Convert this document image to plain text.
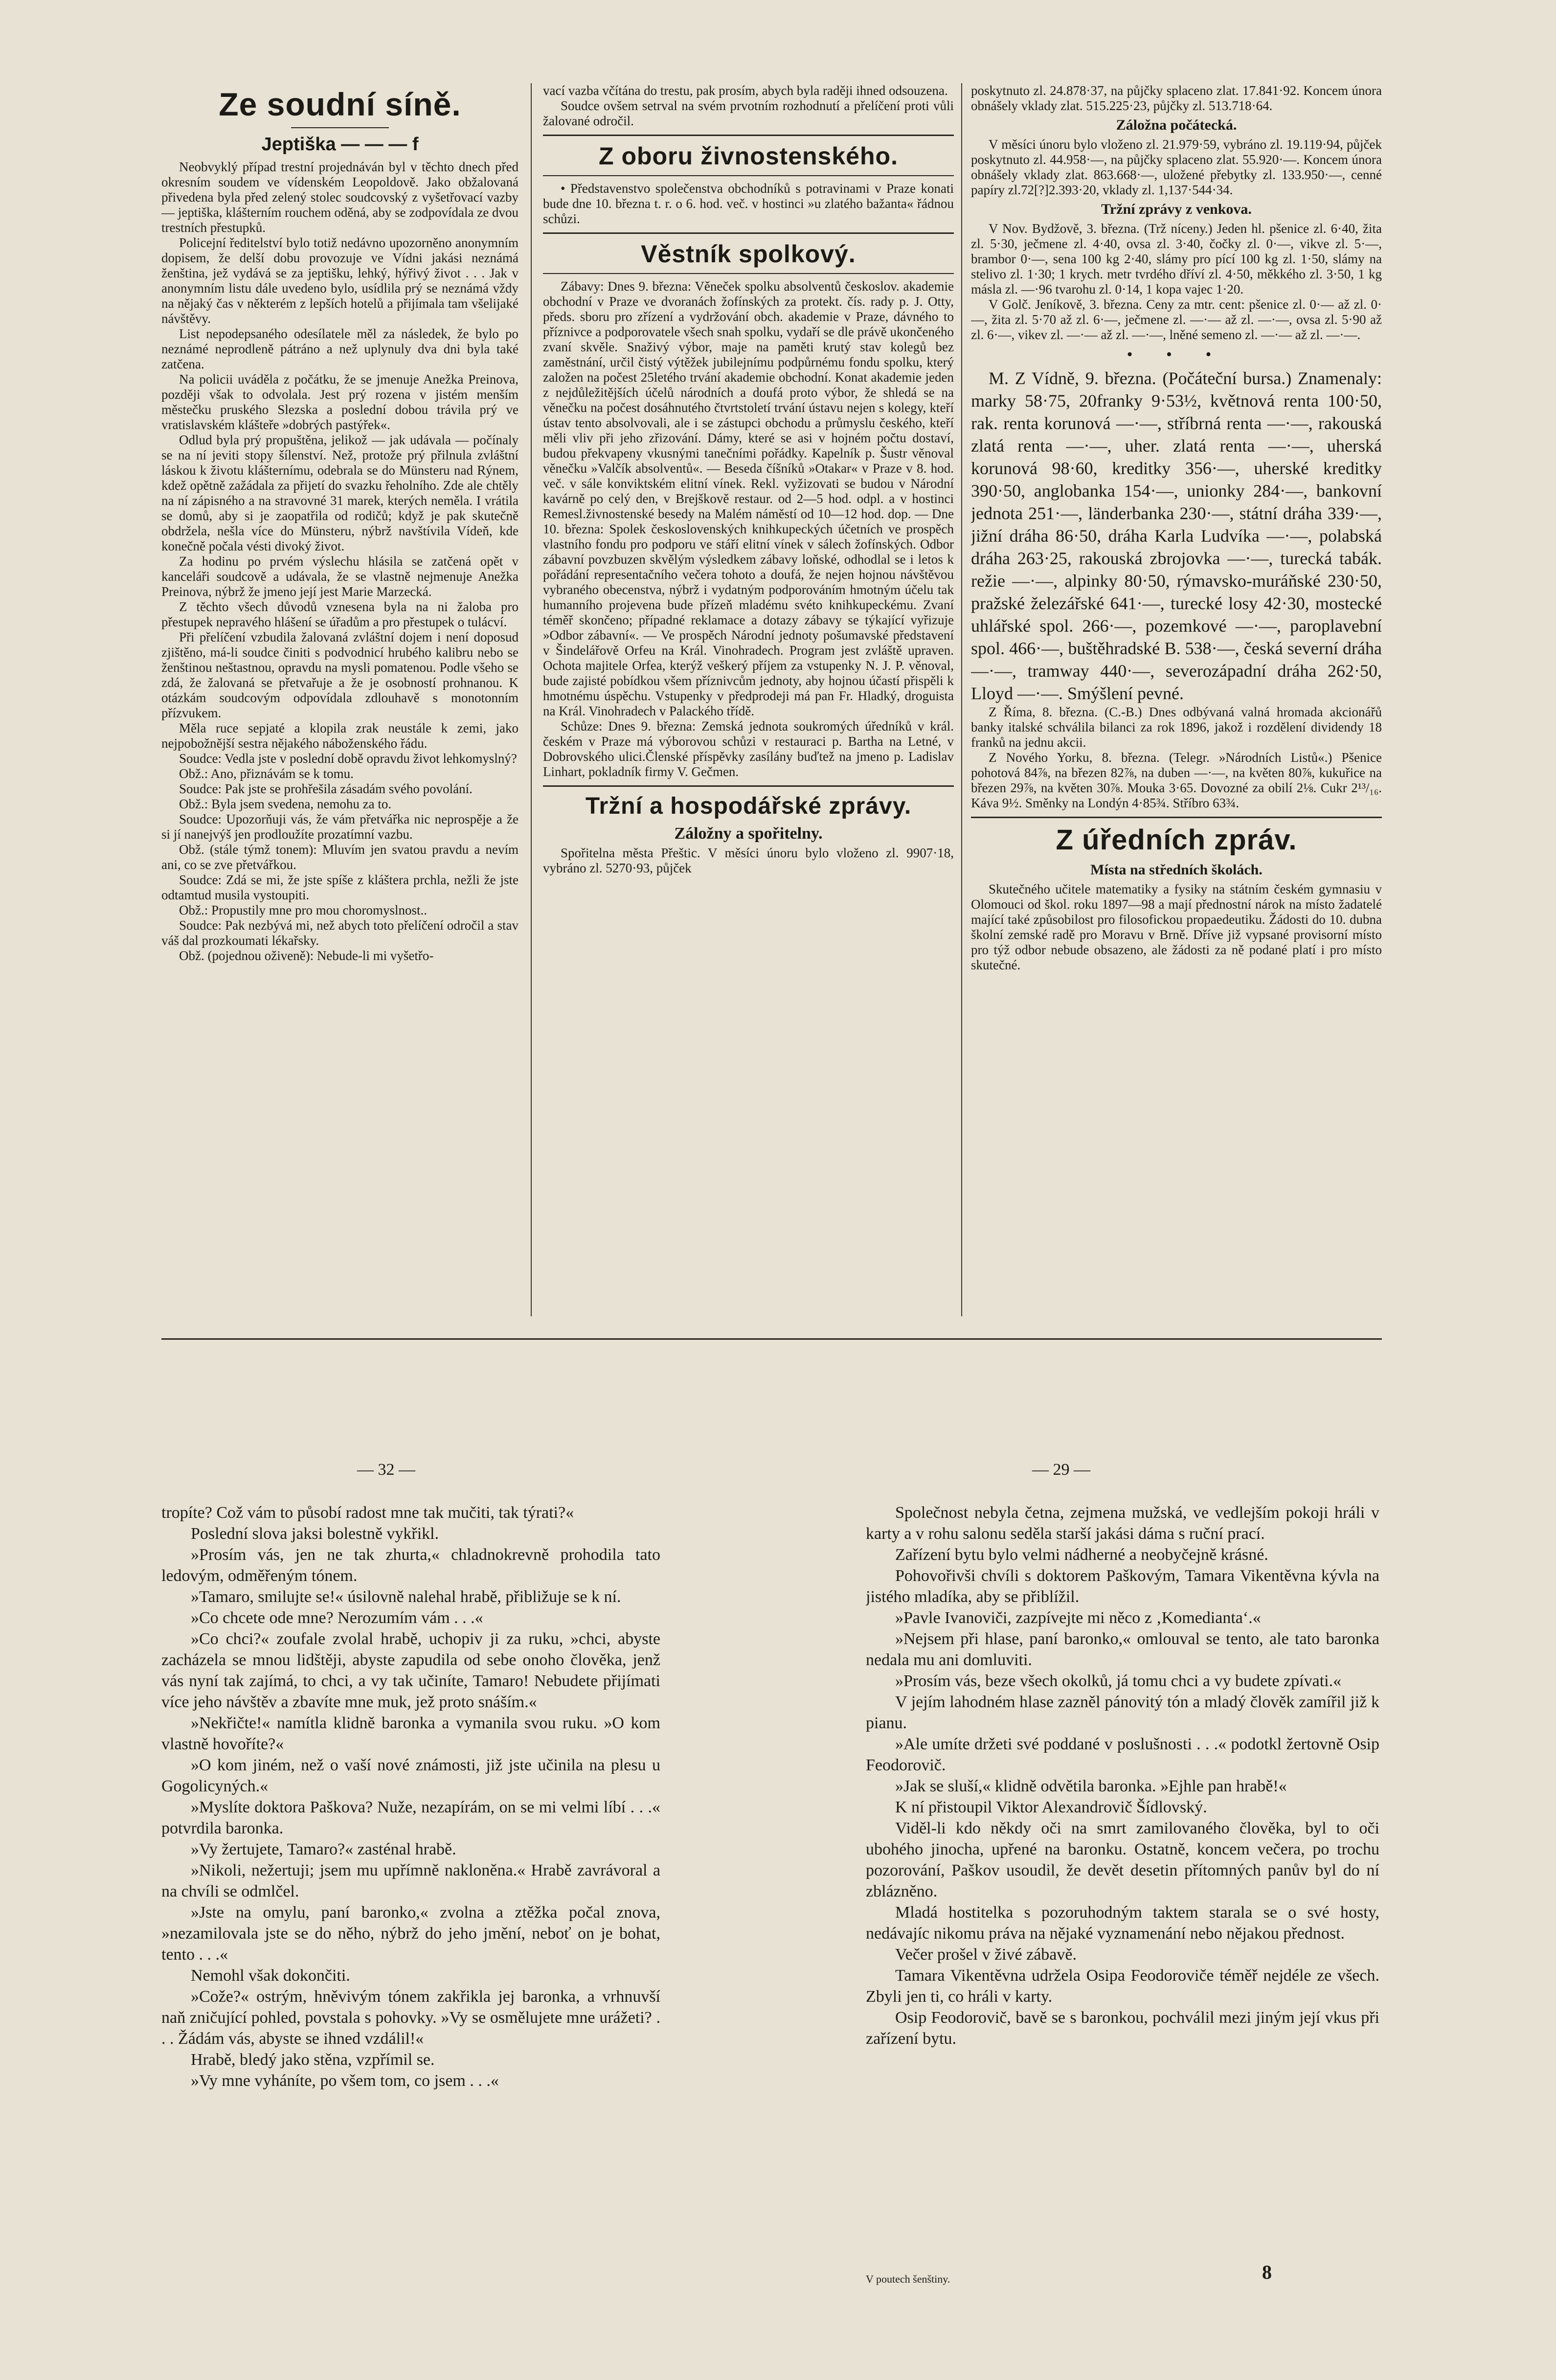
Ze soudní síně.
Jeptiška — — — f

Neobvyklý případ trestní projednáván byl v těchto dnech před okresním soudem ve vídenském Leopoldově. Jako obžalovaná přivedena byla před zelený stolec soudcovský z vyšetřovací vazby — jeptiška, klášterním rouchem oděná, aby se zodpovídala ze dvou trestních přestupků.

Policejní ředitelství bylo totiž nedávno upozorněno anonymním dopisem, že delší dobu provozuje ve Vídni jakási neznámá ženština, jež vydává se za jeptišku, lehký, hýřivý život . . . Jak v anonymním listu dále uvedeno bylo, usídlila prý se neznámá vždy na nějaký čas v některém z lepších hotelů a přijímala tam všelijaké návštěvy.

List nepodepsaného odesílatele měl za následek, že bylo po neznámé neprodleně pátráno a než uplynuly dva dni byla také zatčena.

Na policii uváděla z počátku, že se jmenuje Anežka Preinova, později však to odvolala. Jest prý rozena v jistém menším městečku pruského Slezska a poslední dobou trávila prý ve vratislavském klášteře »dobrých pastýřek«.

Odlud byla prý propuštěna, jelikož — jak udávala — počínaly se na ní jeviti stopy šílenství. Než, protože prý přilnula zvláštní láskou k životu klášternímu, odebrala se do Münsteru nad Rýnem, kdež opětně zažádala za přijetí do svazku řeholního. Zde ale chtěly na ní zápisného a na stravovné 31 marek, kterých neměla. I vrátila se domů, aby si je zaopatřila od rodičů; když je pak skutečně obdržela, nešla více do Münsteru, nýbrž navštívila Vídeň, kde konečně počala vésti divoký život.

Za hodinu po prvém výslechu hlásila se zatčená opět v kanceláři soudcově a udávala, že se vlastně nejmenuje Anežka Preinova, nýbrž že jmeno její jest Marie Marzecká.

Z těchto všech důvodů vznesena byla na ni žaloba pro přestupek nepravého hlášení se úřadům a pro přestupek o tulácví.

Při přelíčení vzbudila žalovaná zvláštní dojem i není doposud zjištěno, má-li soudce činiti s podvodnicí hrubého kalibru nebo se ženštinou neštastnou, opravdu na mysli pomatenou. Podle všeho se zdá, že žalovaná se přetvařuje a že je osobností prohnanou. K otázkám soudcovým odpovídala zdlouhavě s monotonním přízvukem.

Měla ruce sepjaté a klopila zrak neustále k zemi, jako nejpobožnější sestra nějakého náboženského řádu.

Soudce: Vedla jste v poslední době opravdu život lehkomyslný?

Obž.: Ano, přiznávám se k tomu.

Soudce: Pak jste se prohřešila zásadám svého povolání.

Obž.: Byla jsem svedena, nemohu za to.

Soudce: Upozorňuji vás, že vám přetvářka nic neprospěje a že si jí nanejvýš jen prodloužíte prozatímní vazbu.

Obž. (stále týmž tonem): Mluvím jen svatou pravdu a nevím ani, co se zve přetvářkou.

Soudce: Zdá se mi, že jste spíše z kláštera prchla, nežli že jste odtamtud musila vystoupiti.

Obž.: Propustily mne pro mou choromyslnost..

Soudce: Pak nezbývá mi, než abych toto přelíčení odročil a stav váš dal prozkoumati lékařsky.

Obž. (pojednou oživeně): Nebude-li mi vyšetřo-

vací vazba včítána do trestu, pak prosím, abych byla raději ihned odsouzena.

Soudce ovšem setrval na svém prvotním rozhodnutí a přelíčení proti vůli žalované odročil.

Z oboru živnostenského.

• Představenstvo společenstva obchodníků s potravinami v Praze konati bude dne 10. března t. r. o 6. hod. več. v hostinci »u zlatého bažanta« řádnou schůzi.

Věstník spolkový.

Zábavy: Dnes 9. března: Věneček spolku absolventů českoslov. akademie obchodní v Praze ve dvoranách žofínských za protekt. čís. rady p. J. Otty, předs. sboru pro zřízení a vydržování obch. akademie v Praze, dávného to příznivce a podporovatele všech snah spolku, vydaří se dle právě ukončeného zvaní skvěle. Snaživý výbor, maje na paměti krutý stav kolegů bez zaměstnání, určil čistý výtěžek jubilejnímu podpůrnému fondu spolku, který založen na počest 25letého trvání akademie obchodní. Konat akademie jeden z nejdůležitějších účelů národních a doufá proto výbor, že shledá se na věnečku na počest dosáhnutého čtvrtstoletí trvání ústavu nejen s kolegy, kteří ústav tento absolvovali, ale i se zástupci obchodu a průmyslu českého, kteří měli vliv při jeho zřizování. Dámy, které se asi v hojném počtu dostaví, budou překvapeny vkusnými tanečními pořádky. Kapelník p. Šustr věnoval věnečku »Valčík absolventů«. — Beseda číšníků »Otakar« v Praze v 8. hod. več. v sále konviktském elitní vínek. Rekl. vyžizovati se budou v Národní kavárně po celý den, v Brejškově restaur. od 2—5 hod. odpl. a v hostinci Remesl.živnostenské besedy na Malém náměstí od 10—12 hod. dop. — Dne 10. března: Spolek československých knihkupeckých účetních ve prospěch vlastního fondu pro podporu ve stáří elitní vínek v sálech žofínských. Odbor zábavní povzbuzen skvělým výsledkem zábavy loňské, odhodlal se i letos k pořádání representačního večera tohoto a doufá, že nejen hojnou návštěvou vybraného obecenstva, nýbrž i vydatným podporováním hmotným účelu tak humanního projevena bude přízeň mladému svéto knihkupeckému. Zvaní téměř skončeno; případné reklamace a dotazy zábavy se týkající vyřizuje »Odbor zábavní«. — Ve prospěch Národní jednoty pošumavské představení v Šindelářově Orfeu na Král. Vinohradech. Program jest zvláště upraven. Ochota majitele Orfea, kterýž veškerý příjem za vstupenky N. J. P. věnoval, bude zajisté pobídkou všem příznivcům jednoty, aby hojnou účastí přispěli k hmotnému úspěchu. Vstupenky v předprodeji má pan Fr. Hladký, droguista na Král. Vinohradech v Palackého třídě.

Schůze: Dnes 9. března: Zemská jednota soukromých úředníků v král. českém v Praze má výborovou schůzi v restauraci p. Bartha na Letné, v Dobrovského ulici.Členské příspěvky zasílány buďtež na jmeno p. Ladislav Linhart, pokladník firmy V. Gečmen.

Tržní a hospodářské zprávy.
Záložny a spořitelny.

Spořitelna města Přeštic. V měsíci únoru bylo vloženo zl. 9907·18, vybráno zl. 5270·93, půjček

poskytnuto zl. 24.878·37, na půjčky splaceno zlat. 17.841·92. Koncem února obnášely vklady zlat. 515.225·23, půjčky zl. 513.718·64.

Záložna počátecká.

V měsíci únoru bylo vloženo zl. 21.979·59, vybráno zl. 19.119·94, půjček poskytnuto zl. 44.958·—, na půjčky splaceno zlat. 55.920·—. Koncem února obnášely vklady zlat. 863.668·—, uložené přebytky zl. 133.950·—, cenné papíry zl.72[?]2.393·20, vklady zl. 1,137·544·34.

Tržní zprávy z venkova.

V Nov. Bydžově, 3. března. (Trž nícenу.) Jeden hl. pšenice zl. 6·40, žita zl. 5·30, ječmene zl. 4·40, ovsa zl. 3·40, čočky zl. 0·—, vikve zl. 5·—, brambor 0·—, sena 100 kg 2·40, slámy pro pící 100 kg zl. 1·50, slámy na stelivo zl. 1·30; 1 krych. metr tvrdého dříví zl. 4·50, měkkého zl. 3·50, 1 kg másla zl. —·96 tvarohu zl. 0·14, 1 kopa vajec 1·20.

V Golč. Jeníkově, 3. března. Ceny za mtr. cent: pšenice zl. 0·— až zl. 0·—, žita zl. 5·70 až zl. 6·—, ječmene zl. —·— až zl. —·—, ovsa zl. 5·90 až zl. 6·—, vikev zl. —·— až zl. —·—, lněné semeno zl. —·— až zl. —·—.

• • •

M. Z Vídně, 9. března. (Počáteční bursa.) Znamenaly: marky 58·75, 20franky 9·53½, květnová renta 100·50, rak. renta korunová —·—, stříbrná renta —·—, rakouská zlatá renta —·—, uher. zlatá renta —·—, uherská korunová 98·60, kreditky 356·—, uherské kreditky 390·50, anglobanka 154·—, unionky 284·—, bankovní jednota 251·—, länderbanka 230·—, státní dráha 339·—, jižní dráha 86·50, dráha Karla Ludvíka —·—, polabská dráha 263·25, rakouská zbrojovka —·—, turecká tabák. režie —·—, alpinky 80·50, rýmavsko-muráňské 230·50, pražské železářské 641·—, turecké losy 42·30, mostecké uhlářské spol. 266·—, pozemkové —·—, paroplavební spol. 466·—, buštěhradské B. 538·—, česká severní dráha —·—, tramway 440·—, severozápadní dráha 262·50, Lloyd —·—. Smýšlení pevné.

Z Říma, 8. března. (C.-B.) Dnes odbývaná valná hromada akcionářů banky italské schválila bilanci za rok 1896, jakož i rozdělení dividendy 18 franků na jednu akcii.

Z Nového Yorku, 8. března. (Telegr. »Národních Listů«.) Pšenice pohotová 84⅞, na březen 82⅞, na duben —·—, na květen 80⅞, kukuřice na březen 29⅞, na květen 30⅞. Mouka 3·65. Dovozné za obilí 2⅛. Cukr 2¹³/₁₆. Káva 9½. Směnky na Londýn 4·85¾. Stříbro 63¾.

Z úředních zpráv.
Místa na středních školách.

Skutečného učitele matematiky a fysiky na státním českém gymnasiu v Olomouci od škol. roku 1897—98 a mají přednostní nárok na místo žadatelé mající také způsobilost pro filosofickou propaedeutiku. Žádosti do 10. dubna školní zemské radě pro Moravu v Brně. Dříve již vypsané provisorní místo pro týž odbor nebude obsazeno, ale žádosti za ně podané platí i pro místo skutečné.

— 32 —

tropíte? Což vám to působí radost mne tak mučiti, tak týrati?«

Poslední slova jaksi bolestně vykřikl.

»Prosím vás, jen ne tak zhurta,« chladnokrevně prohodila tato ledovým, odměřeným tónem.

»Tamaro, smilujte se!« úsilovně nalehal hrabě, přibližuje se k ní.

»Co chcete ode mne? Nerozumím vám . . .«

»Co chci?« zoufale zvolal hrabě, uchopiv ji za ruku, »chci, abyste zacházela se mnou lidštěji, abyste zapudila od sebe onoho člověka, jenž vás nyní tak zajímá, to chci, a vy tak učiníte, Tamaro! Nebudete přijímati více jeho návštěv a zbavíte mne muk, jež proto snáším.«

»Nekřičte!« namítla klidně baronka a vymanila svou ruku. »O kom vlastně hovoříte?«

»O kom jiném, než o vaší nové známosti, již jste učinila na plesu u Gogolicyných.«

»Myslíte doktora Paškova? Nuže, nezapírám, on se mi velmi líbí . . .« potvrdila baronka.

»Vy žertujete, Tamaro?« zasténal hrabě.

»Nikoli, nežertuji; jsem mu upřímně nakloněna.« Hrabě zavrávoral a na chvíli se odmlčel.

»Jste na omylu, paní baronko,« zvolna a ztěžka počal znova, »nezamilovala jste se do něho, nýbrž do jeho jmění, neboť on je bohat, tento . . .«

Nemohl však dokončiti.

»Cože?« ostrým, hněvivým tónem zakřikla jej baronka, a vrhnuvší naň zničující pohled, povstala s pohovky. »Vy se osmělujete mne urážeti? . . . Žádám vás, abyste se ihned vzdálil!«

Hrabě, bledý jako stěna, vzpřímil se.

»Vy mne vyháníte, po všem tom, co jsem . . .«

— 29 —

Společnost nebyla četna, zejmena mužská, ve vedlejším pokoji hráli v karty a v rohu salonu seděla starší jakási dáma s ruční prací.

Zařízení bytu bylo velmi nádherné a neobyčejně krásné.

Pohovořivši chvíli s doktorem Paškovým, Tamara Vikentěvna kývla na jistého mladíka, aby se přiblížil.

»Pavle Ivanoviči, zazpívejte mi něco z ‚Komedianta‘.«

»Nejsem při hlase, paní baronko,« omlouval se tento, ale tato baronka nedala mu ani domluviti.

»Prosím vás, beze všech okolků, já tomu chci a vy budete zpívati.«

V jejím lahodném hlase zazněl pánovitý tón a mladý člověk zamířil již k pianu.

»Ale umíte držeti své poddané v poslušnosti . . .« podotkl žertovně Osip Feodorovič.

»Jak se sluší,« klidně odvětila baronka. »Ejhle pan hrabě!«

K ní přistoupil Viktor Alexandrovič Šídlovský.

Viděl-li kdo někdy oči na smrt zamilovaného člověka, byl to oči ubohého jinocha, upřené na baronku. Ostatně, koncem večera, po trochu pozorování, Paškov usoudil, že devět desetin přítomných panův byl do ní zblázněno.

Mladá hostitelka s pozoruhodným taktem starala se o své hosty, nedávajíc nikomu práva na nějaké vyznamenání nebo nějakou přednost.

Večer prošel v živé zábavě.

Tamara Vikentěvna udržela Osipa Feodoroviče téměř nejdéle ze všech. Zbyli jen ti, co hráli v karty.

Osip Feodorovič, bavě se s baronkou, pochválil mezi jiným její vkus při zařízení bytu.

V poutech šenštiny.	8
